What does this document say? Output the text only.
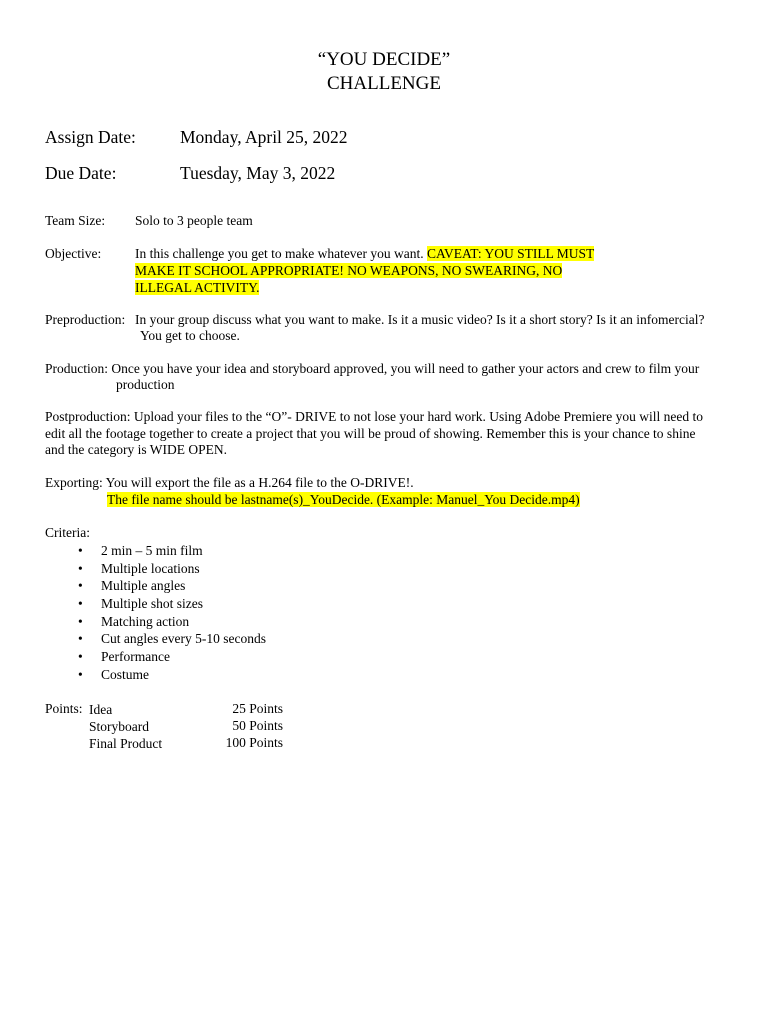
“YOU DECIDE”
CHALLENGE
Assign Date:	Monday, April 25, 2022
Due Date:	Tuesday, May 3, 2022
Team Size: Solo to 3 people team
Objective:	In this challenge you get to make whatever you want. CAVEAT: YOU STILL MUST
MAKE IT SCHOOL APPROPRIATE! NO WEAPONS, NO SWEARING, NO
ILLEGAL ACTIVITY.
Preproduction: In your group discuss what you want to make. Is it a music video? Is it a short story? Is it an infomercial?
You get to choose.
Production: Once you have your idea and storyboard approved, you will need to gather your actors and crew to film your
production
Postproduction: Upload your files to the “O”- DRIVE to not lose your hard work. Using Adobe Premiere you will need to
edit all the footage together to create a project that you will be proud of showing. Remember this is your chance to shine
and the category is WIDE OPEN.
Exporting: You will export the file as a H.264 file to the O-DRIVE!.
The file name should be lastname(s)_YouDecide. (Example: Manuel_You Decide.mp4)
Criteria:
• 2 min – 5 min film
• Multiple locations
• Multiple angles
• Multiple shot sizes
• Matching action
• Cut angles every 5-10 seconds
• Performance
• Costume
Points: Idea	25 Points
Storyboard	50 Points
Final Product	100 Points
